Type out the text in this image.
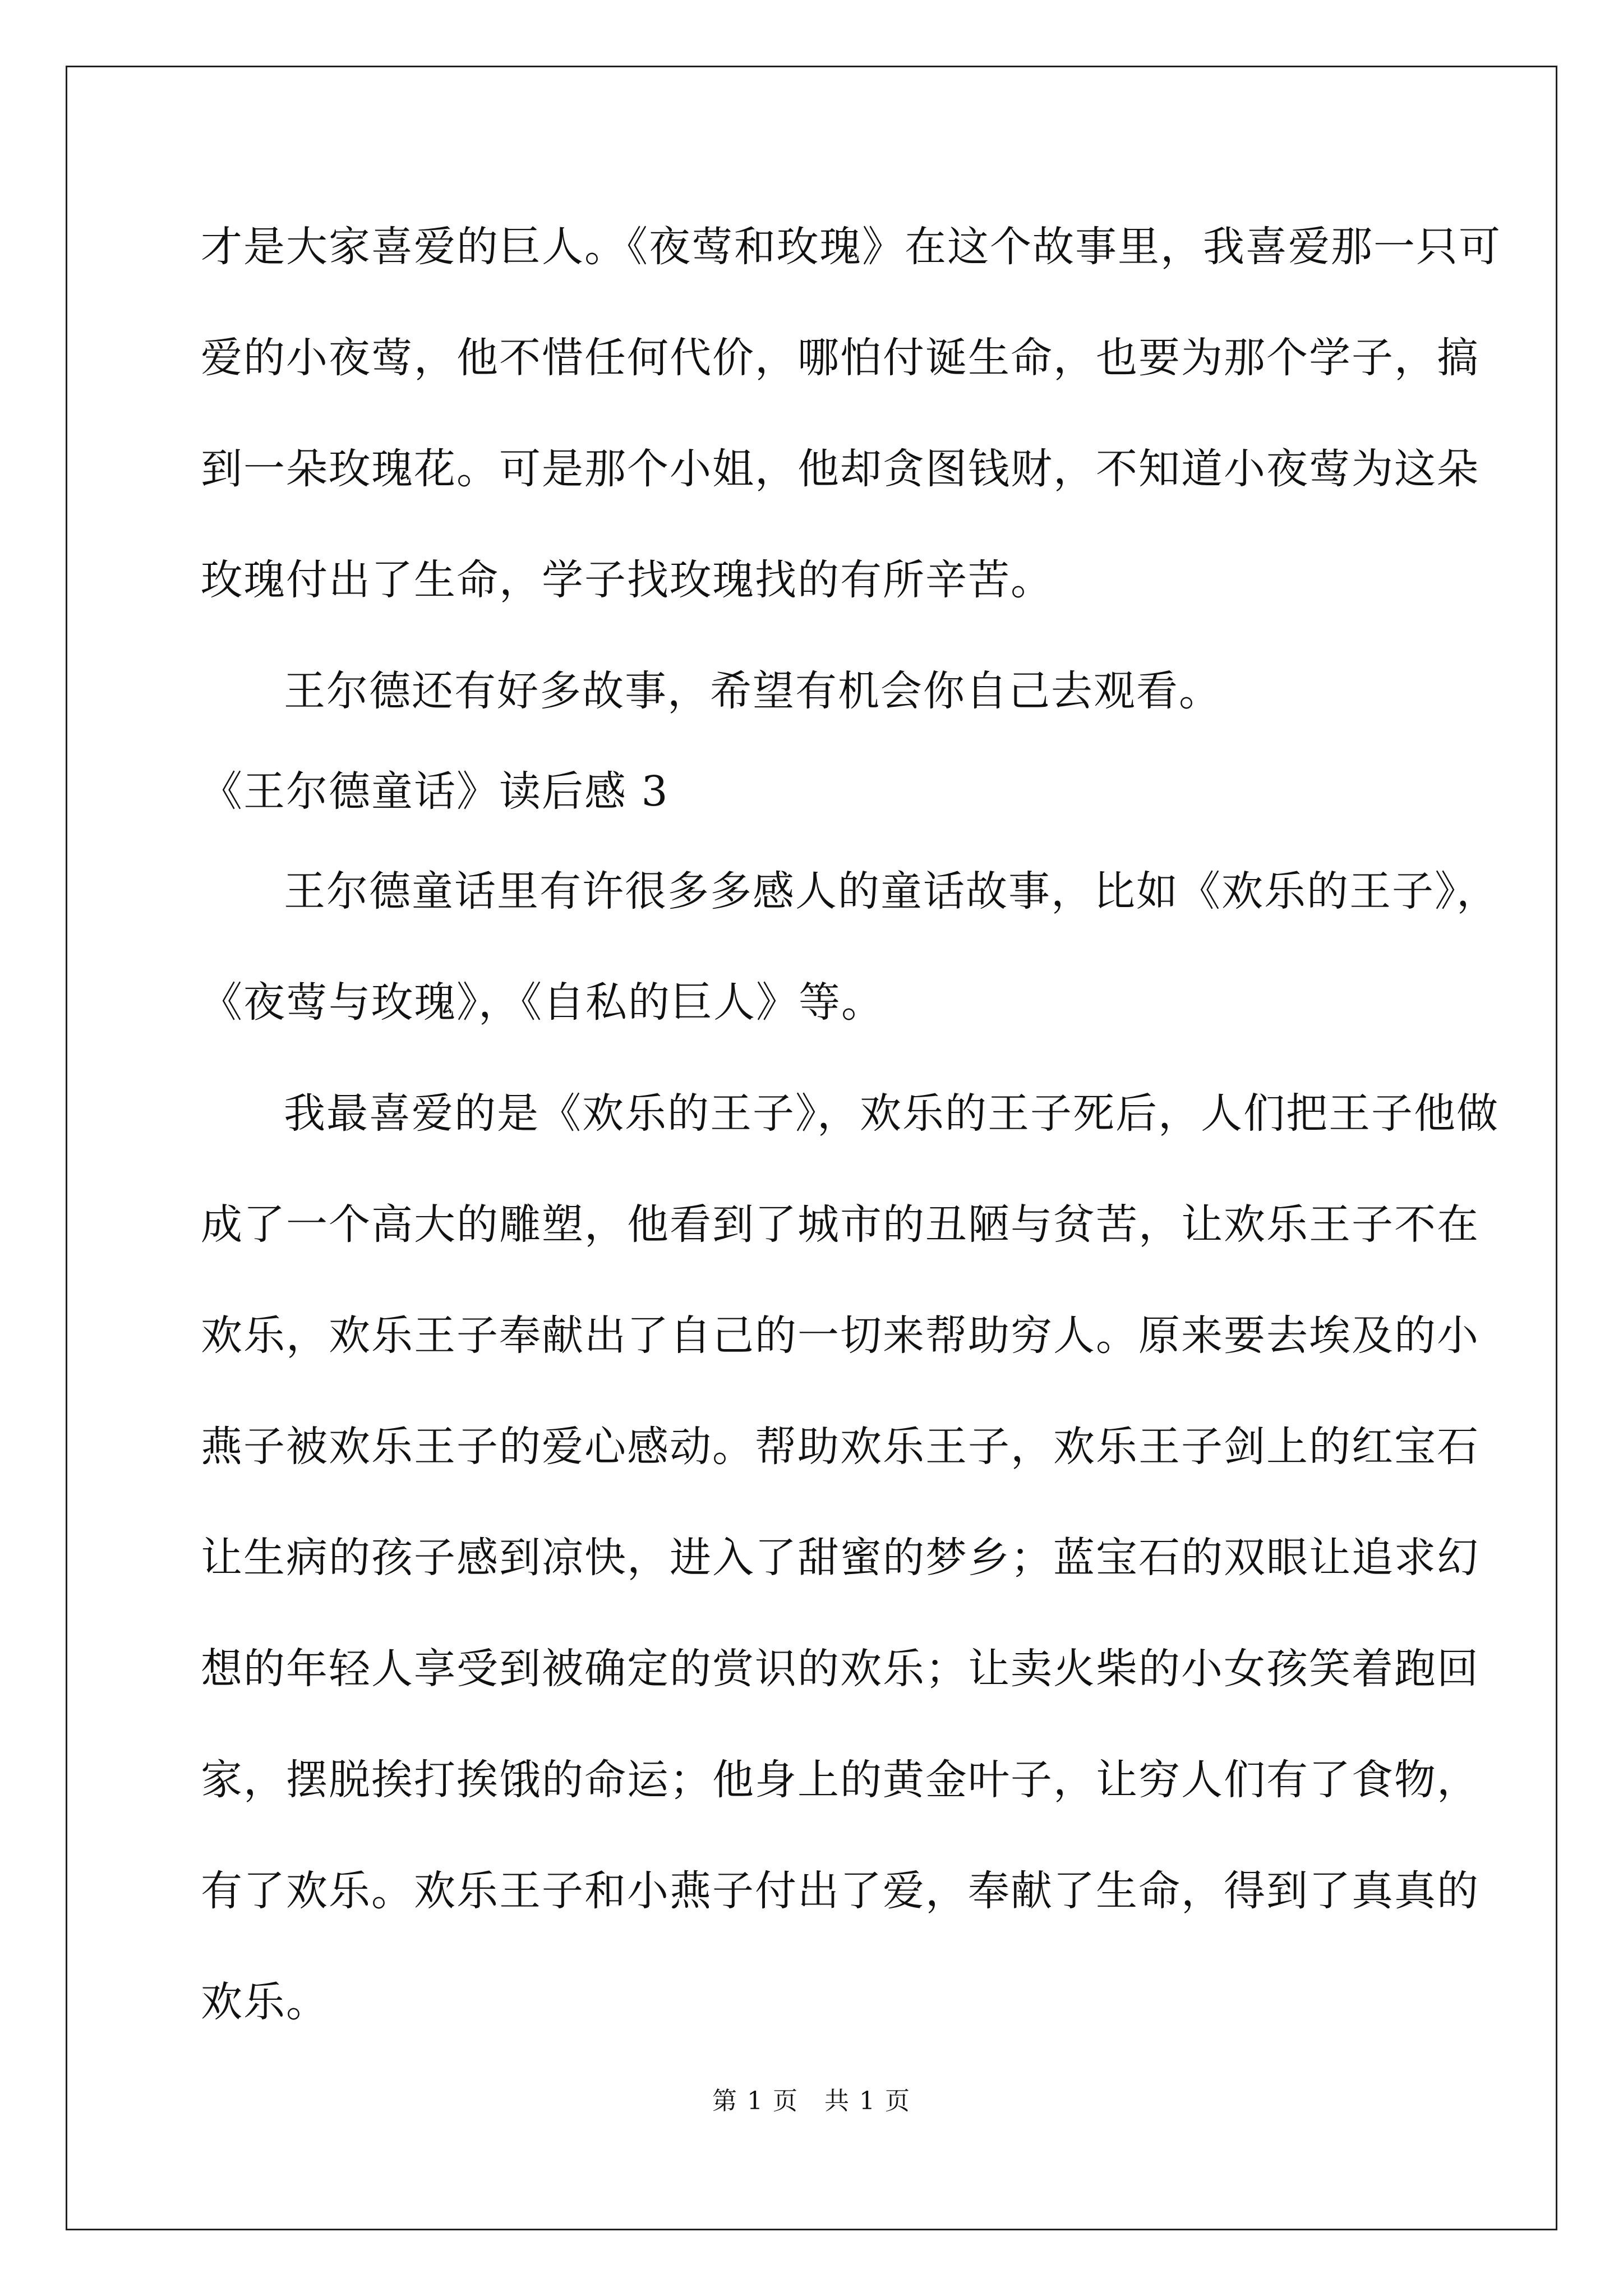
才是大家喜爱的巨人。《夜莺和玫瑰》在这个故事里，我喜爱那一只可
爱的小夜莺，他不惜任何代价，哪怕付诞生命，也要为那个学子，搞
到一朵玫瑰花。可是那个小姐，他却贪图钱财，不知道小夜莺为这朵
玫瑰付出了生命，学子找玫瑰找的有所辛苦。
王尔德还有好多故事，希望有机会你自己去观看。
《王尔德童话》读后感 3
王尔德童话里有许很多多感人的童话故事，比如《欢乐的王子》，
《夜莺与玫瑰》，《自私的巨人》等。
我最喜爱的是《欢乐的王子》，欢乐的王子死后，人们把王子他做
成了一个高大的雕塑，他看到了城市的丑陋与贫苦，让欢乐王子不在
欢乐，欢乐王子奉献出了自己的一切来帮助穷人。原来要去埃及的小
燕子被欢乐王子的爱心感动。帮助欢乐王子，欢乐王子剑上的红宝石
让生病的孩子感到凉快，进入了甜蜜的梦乡；蓝宝石的双眼让追求幻
想的年轻人享受到被确定的赏识的欢乐；让卖火柴的小女孩笑着跑回
家，摆脱挨打挨饿的命运；他身上的黄金叶子，让穷人们有了食物，
有了欢乐。欢乐王子和小燕子付出了爱，奉献了生命，得到了真真的
欢乐。
第 1 页　共 1 页
